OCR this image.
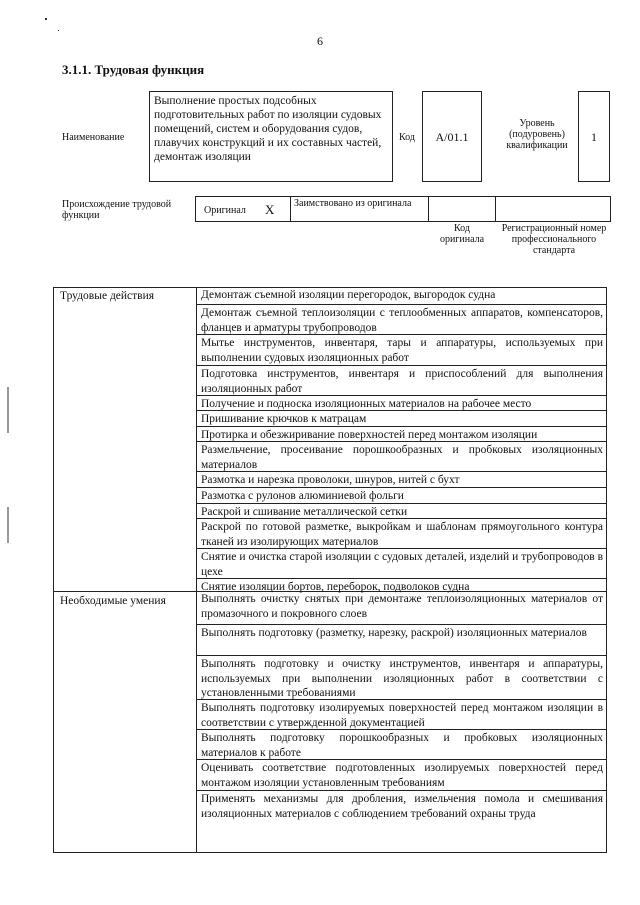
6
3.1.1. Трудовая функция
Наименование
Выполнение простых подсобных подготовительных работ по изоляции судовых помещений, систем и оборудования судов, плавучих конструкций и их составных частей, демонтаж изоляции
Код	А/01.1
Уровень (подуровень) квалификации
1
Происхождение трудовой функции	Оригинал X Заимствовано из оригинала
Код оригинала
Регистрационный номер профессионального стандарта
Трудовые действия
Необходимые умения
Демонтаж съемной изоляции перегородок, выгородок судна
Демонтаж съемной теплоизоляции с теплообменных аппаратов, компенсаторов, фланцев и арматуры трубопроводов
Мытье инструментов, инвентаря, тары и аппаратуры, используемых при выполнении судовых изоляционных работ
Подготовка инструментов, инвентаря и приспособлений для выполнения изоляционных работ
Получение и подноска изоляционных материалов на рабочее место
Пришивание крючков к матрацам
Протирка и обезжиривание поверхностей перед монтажом изоляции
Размельчение, просеивание порошкообразных и пробковых изоляционных материалов
Размотка и нарезка проволоки, шнуров, нитей с бухт
Размотка с рулонов алюминиевой фольги
Раскрой и сшивание металлической сетки
Раскрой по готовой разметке, выкройкам и шаблонам прямоугольного контура тканей из изолирующих материалов
Снятие и очистка старой изоляции с судовых деталей, изделий и трубопроводов в цехе
Снятие изоляции бортов, переборок, подволоков судна
Выполнять очистку снятых при демонтаже теплоизоляционных материалов от промазочного и покровного слоев
Выполнять подготовку (разметку, нарезку, раскрой) изоляционных материалов
Выполнять подготовку и очистку инструментов, инвентаря и аппаратуры, используемых при выполнении изоляционных работ в соответствии с установленными требованиями
Выполнять подготовку изолируемых поверхностей перед монтажом изоляции в соответствии с утвержденной документацией
Выполнять подготовку порошкообразных и пробковых изоляционных материалов к работе
Оценивать соответствие подготовленных изолируемых поверхностей перед монтажом изоляции установленным требованиям
Применять механизмы для дробления, измельчения помола и смешивания изоляционных материалов с соблюдением требований охраны труда
